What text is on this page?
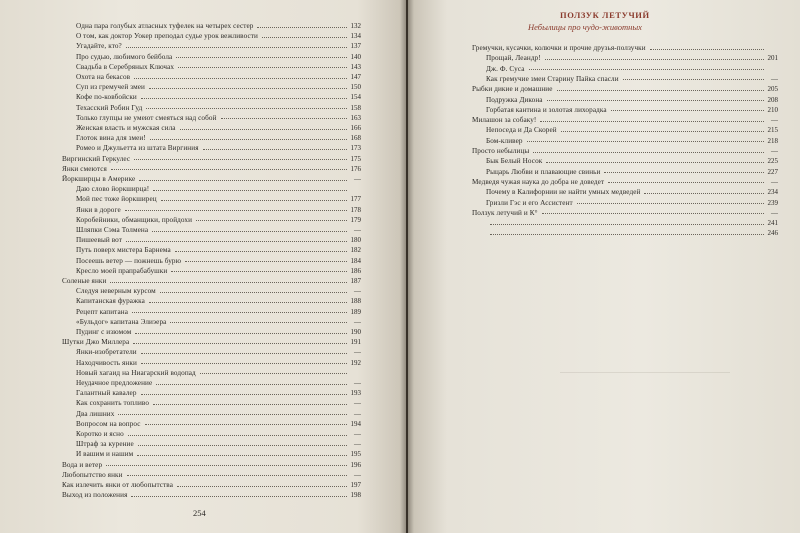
Одна пара голубых атласных туфелек на четырех сестер	132
О том, как доктор Уокер преподал судье урок вежливости	134
Угадайте, кто?	137
Про судью, любимого бейбола	140
Свадьба в Серебряных Ключах	143
Охота на бекасов	147
Суп из гремучей змеи	150
Кофе по-ковбойски	154
Техасский Робин Гуд	158
Только глупцы не умеют смеяться над собой	163
Женская власть и мужская сила	166
Глоток вина для змеи!	168
Ромео и Джульетта из штата Виргиния	173
Виргинский Геркулес	175
Янки смеются	176
Йоркширцы в Америке	—
Даю слово йоркширца!
Мой пес тоже йоркширец	177
Янки в дороге	178
Коробейники, обманщики, пройдохи	179
Шляпки Сэма Толмена	—
Пишеевый вот	180
Путь поверх мистера Барнема	182
Посеешь ветер — пожнешь бурю	184
Кресло моей прапрабабушки	186
Соленые янки	187
Следуя неверным курсом	—
Капитанская фуражка	188
Рецепт капитана	189
«Бульдог» капитана Элиэера	—
Пудинг с изюмом	190
Шутки Джо Миллера	191
Янки-изобретатели	—
Находчивость янки	192
Новый хагаид на Ниагарский водопад
Неудачное предложение	—
Галантный кавалер	193
Как сохранить топливо	—
Два лишних	—
Вопросом на вопрос	194
Коротко и ясно	—
Штраф за курение	—
И вашим и нашим	195
Вода и ветер	196
Любопытство янки	—
Как излечить янки от любопытства	197
Выход из положения	198
254
Гремучки, кусачки, колючки и прочие друзья-ползучки
Прощай, Леандр!	201
Дж. Ф. Суса
Как гремучие змеи Старину Пайка спасли	—
Рыбки дикие и домашние	205
Подружка Дикона	208
Горбатая кантина и золотая лихорадка	210
Милашон за собаку!	—
Непоседа и Да Скорей	215
Бом-кливер	218
Просто небылицы	—
Бык Белый Носок	225
Рыцарь Любви и плавающие свиньи	227
Медведя чужая наука до добра не доведет	—
Почему в Калифорнии не найти умных медведей	234
Гризли Гэс и его Ассистент	239
Ползук летучий и К°	—
241
246
ПОЛЗУК ЛЕТУЧИЙ
Небылицы про чудо-животных
